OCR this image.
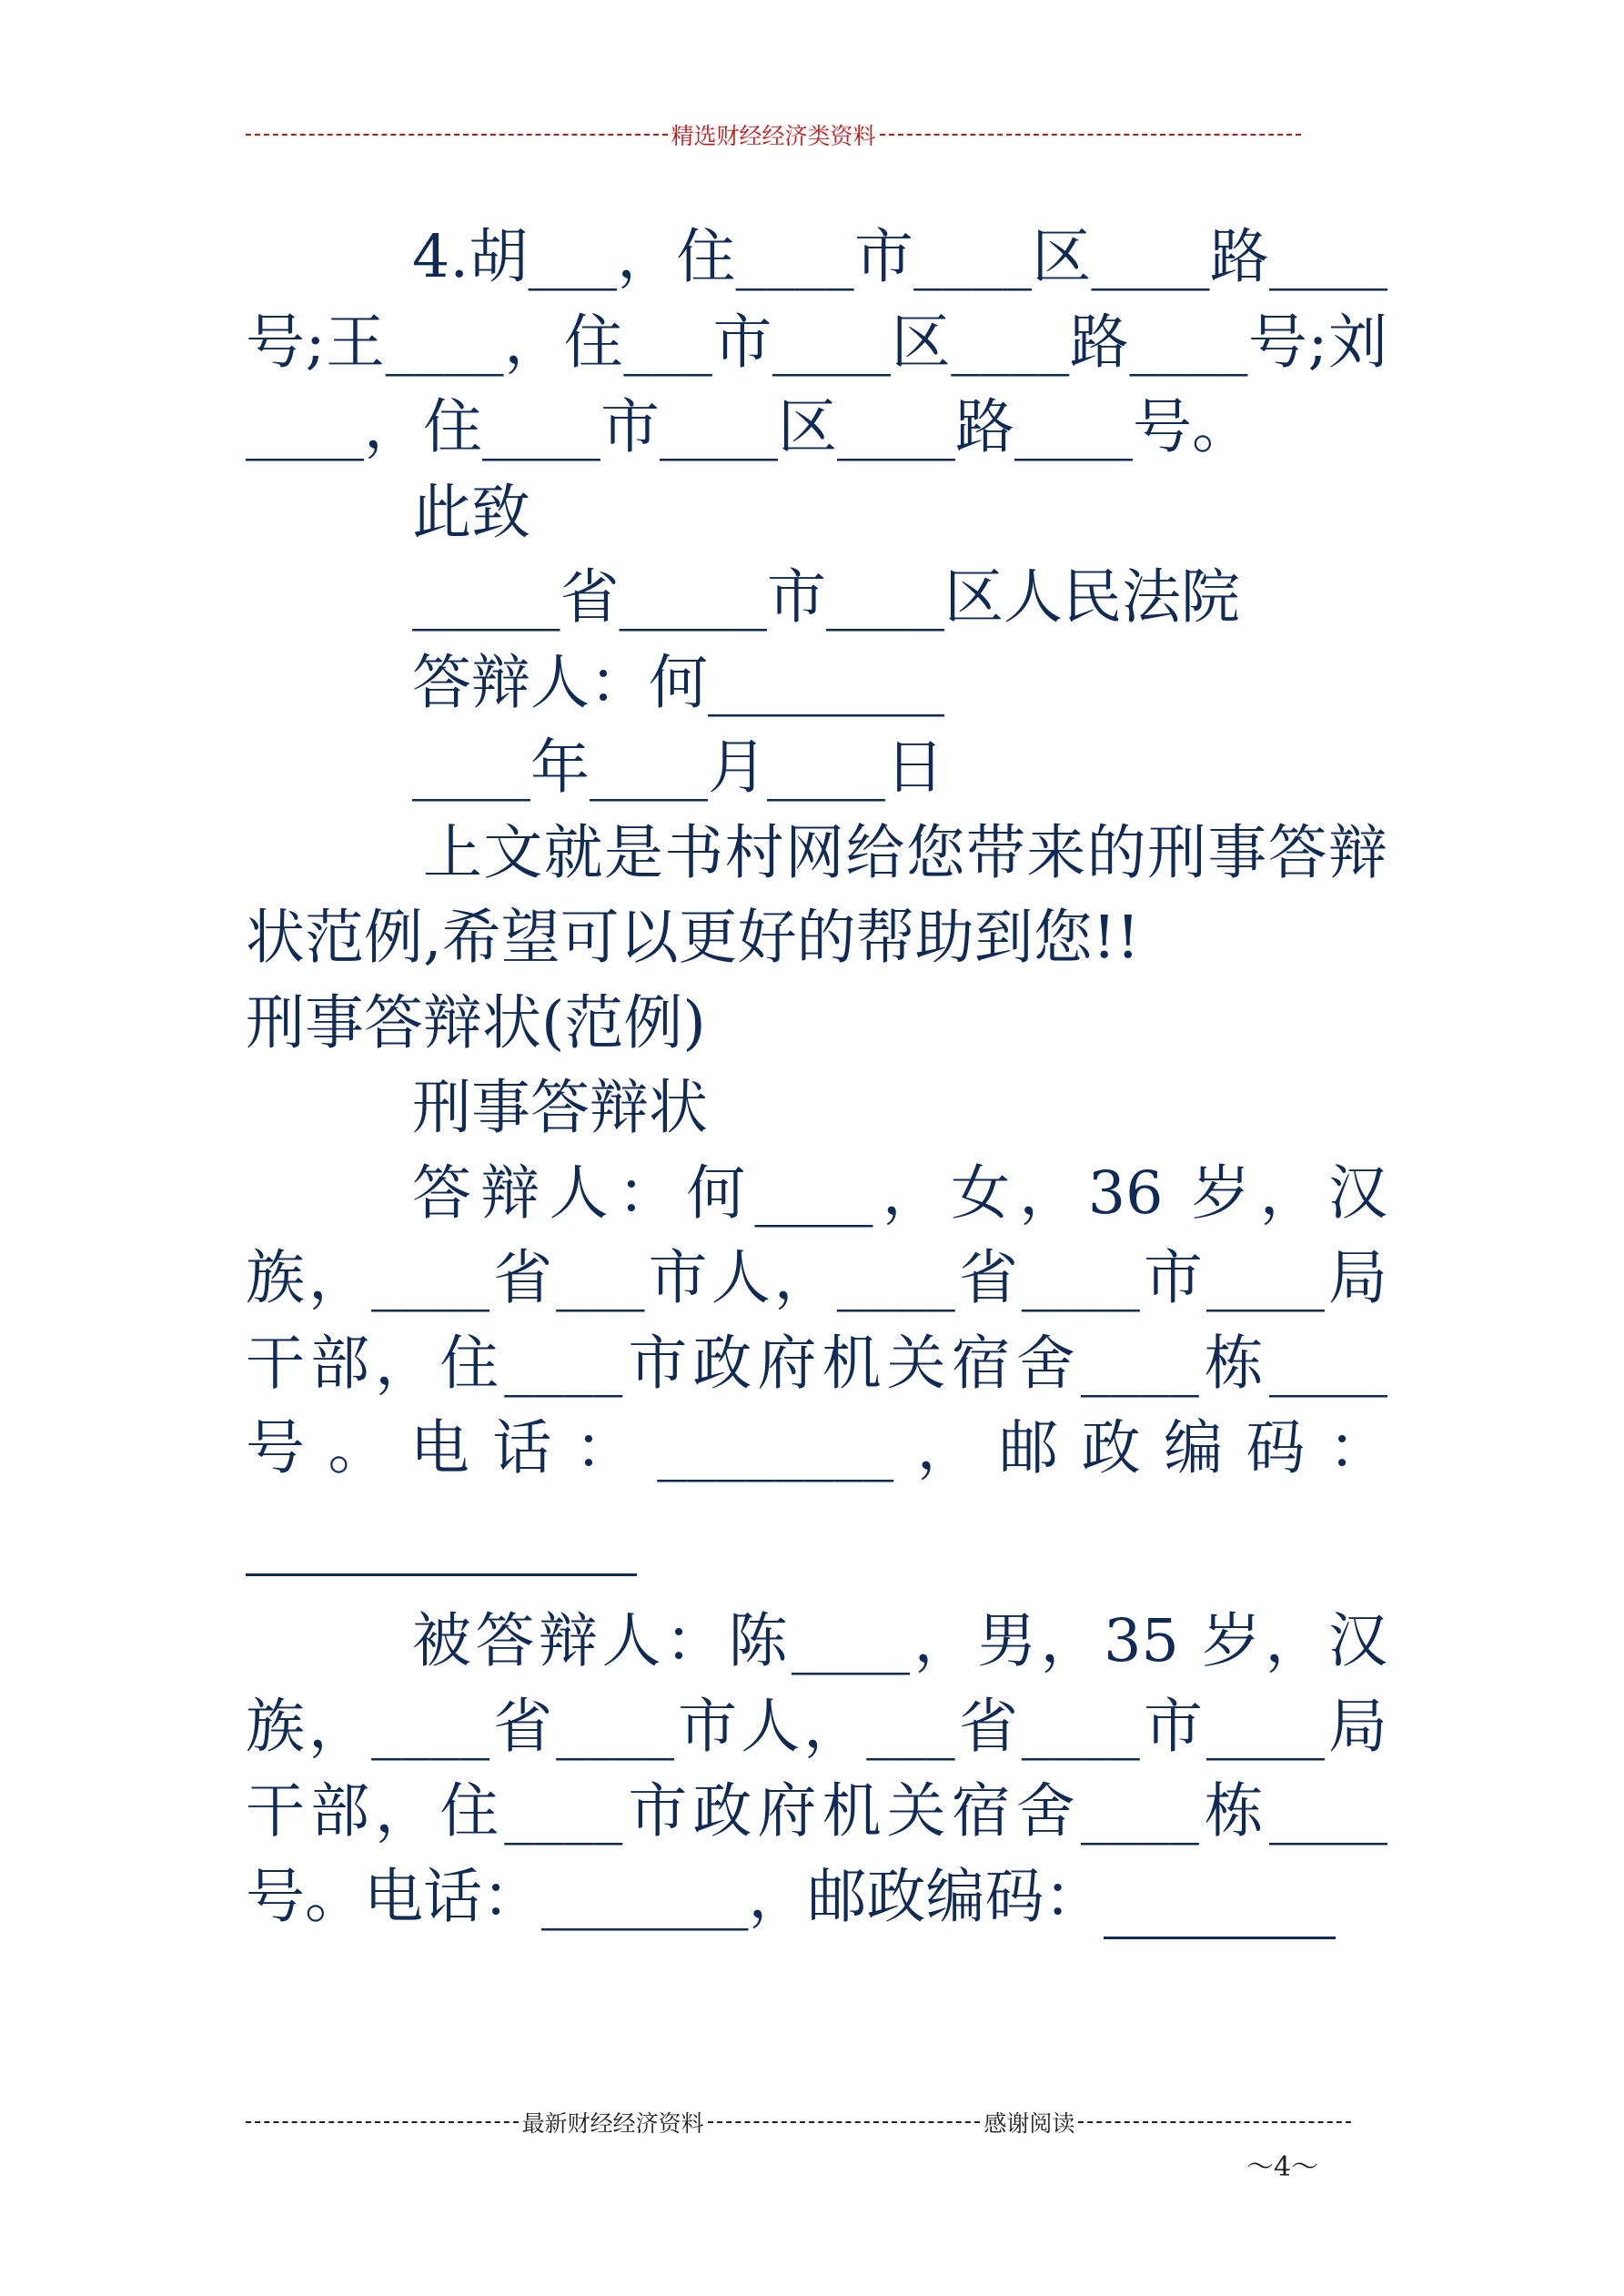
精选财经经济类资料

4.胡___，住____市____区____路____号;王____，住___市____区____路____号;刘____，住____市____区____路____号。

此致

_____省_____市____区人民法院

答辩人：何________

____年____月____日

上文就是书村网给您带来的刑事答辩状范例,希望可以更好的帮助到您!!

刑事答辩状(范例)

刑事答辩状

答辩人：何____，女，36 岁，汉族，____省___市人，____省____市____局干部，住____市政府机关宿舍____栋____号。电话：________，邮政编码：

被答辩人：陈____，男，35 岁，汉族，____省____市人，___省____市____局干部，住____市政府机关宿舍____栋____号。电话：_______，邮政编码：

最新财经经济资料	感谢阅读
～4～
